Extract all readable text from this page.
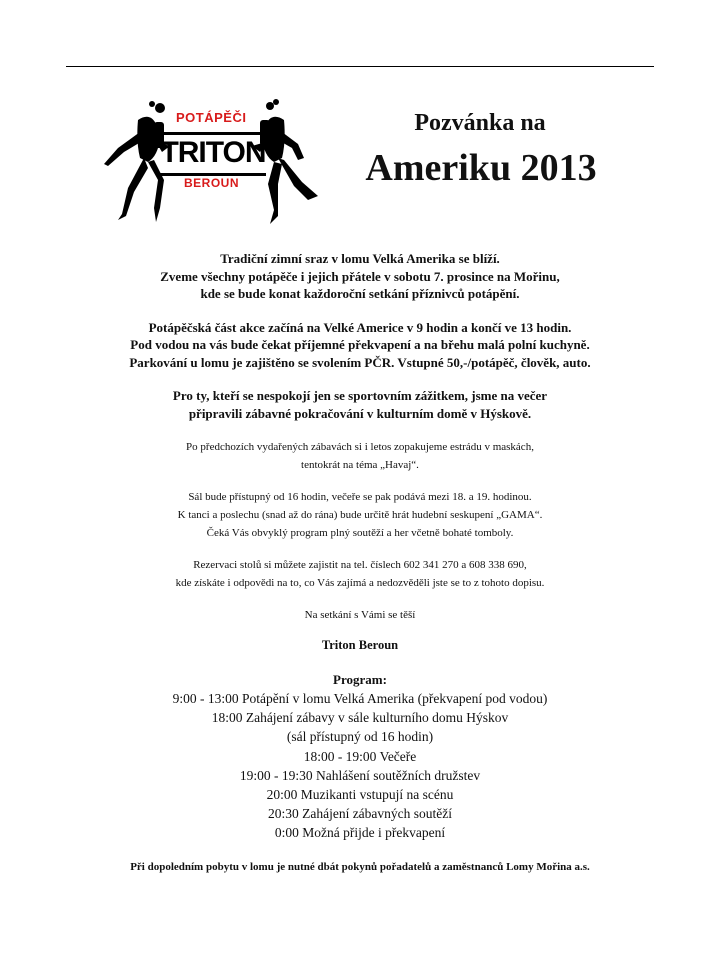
POTÁPĚČI
TRITON
BEROUN
Pozvánka na
Ameriku 2013
Tradiční zimní sraz v lomu Velká Amerika se blíží.
Zveme všechny potápěče i jejich přátele v sobotu 7. prosince na Mořinu,
kde se bude konat každoroční setkání příznivců potápění.
Potápěčská část akce začíná na Velké Americe v 9 hodin a končí ve 13 hodin.
Pod vodou na vás bude čekat příjemné překvapení a na břehu malá polní kuchyně.
Parkování u lomu je zajištěno se svolením PČR. Vstupné 50,-/potápěč, člověk, auto.
Pro ty, kteří se nespokojí jen se sportovním zážitkem, jsme na večer
připravili zábavné pokračování v kulturním domě v Hýskově.
Po předchozích vydařených zábavách si i letos zopakujeme estrádu v maskách,
tentokrát na téma „Havaj“.
Sál bude přístupný od 16 hodin, večeře se pak podává mezi 18. a 19. hodinou.
K tanci a poslechu (snad až do rána) bude určitě hrát hudební seskupení „GAMA“.
Čeká Vás obvyklý program plný soutěží a her včetně bohaté tomboly.
Rezervaci stolů si můžete zajistit na tel. číslech 602 341 270 a 608 338 690,
kde získáte i odpovědi na to, co Vás zajímá a nedozvěděli jste se to z tohoto dopisu.
Na setkání s Vámi se těší
Triton Beroun
Program:
9:00 - 13:00 Potápění v lomu Velká Amerika (překvapení pod vodou)
18:00 Zahájení zábavy v sále kulturního domu Hýskov
(sál přístupný od 16 hodin)
18:00 - 19:00 Večeře
19:00 - 19:30 Nahlášení soutěžních družstev
20:00 Muzikanti vstupují na scénu
20:30 Zahájení zábavných soutěží
0:00 Možná přijde i překvapení
Při dopoledním pobytu v lomu je nutné dbát pokynů pořadatelů a zaměstnanců Lomy Mořina a.s.
